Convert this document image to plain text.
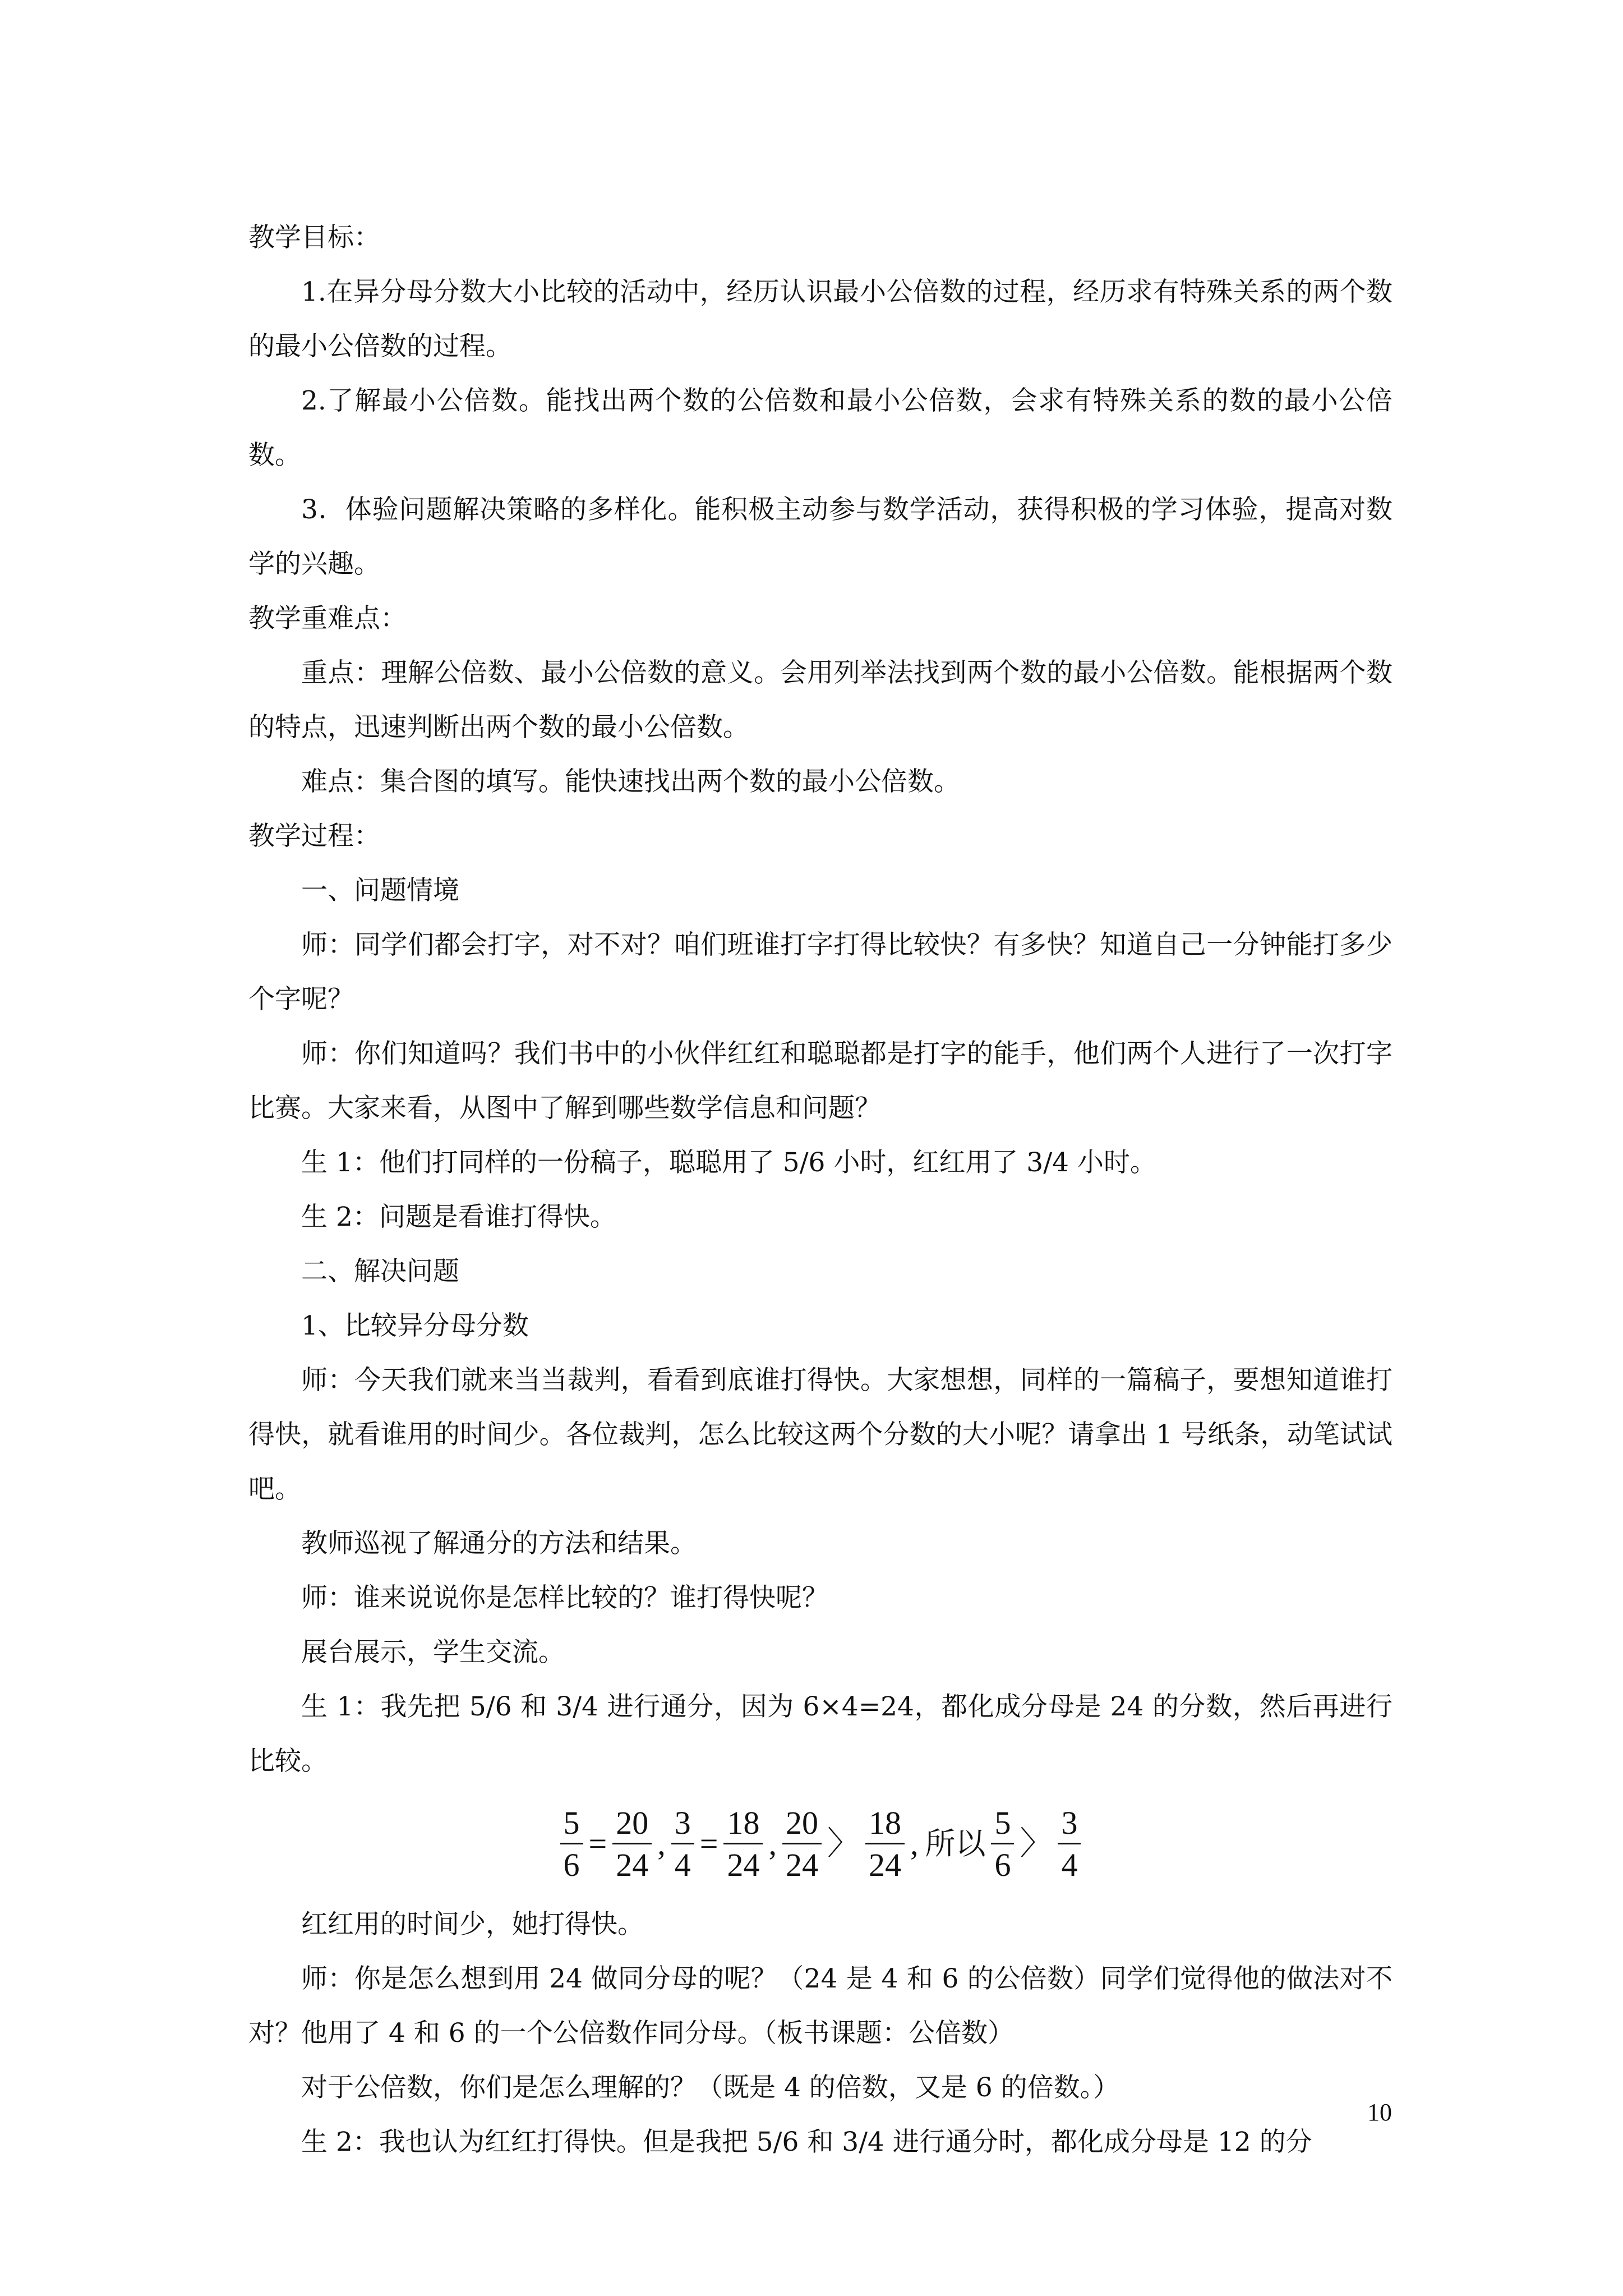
教学目标：

1.在异分母分数大小比较的活动中，经历认识最小公倍数的过程，经历求有特殊关系的两个数的最小公倍数的过程。

2.了解最小公倍数。能找出两个数的公倍数和最小公倍数，会求有特殊关系的数的最小公倍数。

3．体验问题解决策略的多样化。能积极主动参与数学活动，获得积极的学习体验，提高对数学的兴趣。

教学重难点：

重点：理解公倍数、最小公倍数的意义。会用列举法找到两个数的最小公倍数。能根据两个数的特点，迅速判断出两个数的最小公倍数。

难点：集合图的填写。能快速找出两个数的最小公倍数。

教学过程：

一、问题情境

师：同学们都会打字，对不对？咱们班谁打字打得比较快？有多快？知道自己一分钟能打多少个字呢？

师：你们知道吗？我们书中的小伙伴红红和聪聪都是打字的能手，他们两个人进行了一次打字比赛。大家来看，从图中了解到哪些数学信息和问题？

生 1：他们打同样的一份稿子，聪聪用了 5/6 小时，红红用了 3/4 小时。

生 2：问题是看谁打得快。

二、解决问题

1、比较异分母分数

师：今天我们就来当当裁判，看看到底谁打得快。大家想想，同样的一篇稿子，要想知道谁打得快，就看谁用的时间少。各位裁判，怎么比较这两个分数的大小呢？请拿出 1 号纸条，动笔试试吧。

教师巡视了解通分的方法和结果。

师：谁来说说你是怎样比较的？谁打得快呢？

展台展示，学生交流。

生 1：我先把 5/6 和 3/4 进行通分，因为 6×4=24，都化成分母是 24 的分数，然后再进行比较。

$\frac{5}{6} = \frac{20}{24}$ , $\frac{3}{4} = \frac{18}{24}$ , $\frac{20}{24}$ 〉 $\frac{18}{24}$ , 所以 $\frac{5}{6}$ 〉 $\frac{3}{4}$

红红用的时间少，她打得快。

师：你是怎么想到用 24 做同分母的呢？（24 是 4 和 6 的公倍数）同学们觉得他的做法对不对？他用了 4 和 6 的一个公倍数作同分母。（板书课题：公倍数）

对于公倍数，你们是怎么理解的？（既是 4 的倍数，又是 6 的倍数。）

生 2：我也认为红红打得快。但是我把 5/6 和 3/4 进行通分时，都化成分母是 12 的分

10
